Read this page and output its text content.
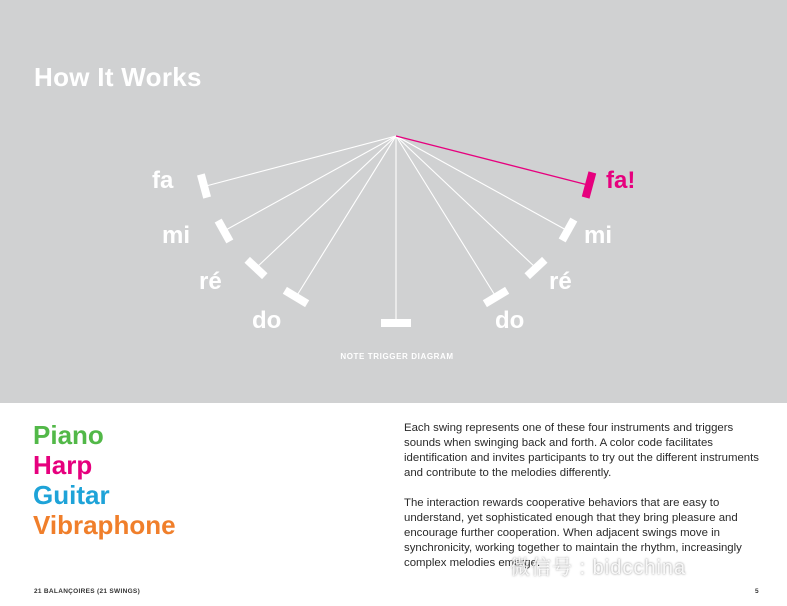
How It Works
fa
mi
ré
do
fa!
mi
ré
do
NOTE TRIGGER DIAGRAM
Piano
Harp
Guitar
Vibraphone

Each swing represents one of these four instruments and triggers sounds when swinging back and forth. A color code facilitates identification and invites participants to try out the different instruments and contribute to the melodies differently.

The interaction rewards cooperative behaviors that are easy to understand, yet sophisticated enough that they bring pleasure and encourage further cooperation. When adjacent swings move in synchronicity, working together to maintain the rhythm, increasingly complex melodies emerge.

21 BALANÇOIRES (21 SWINGS)	5
微信号 : bidcchina
